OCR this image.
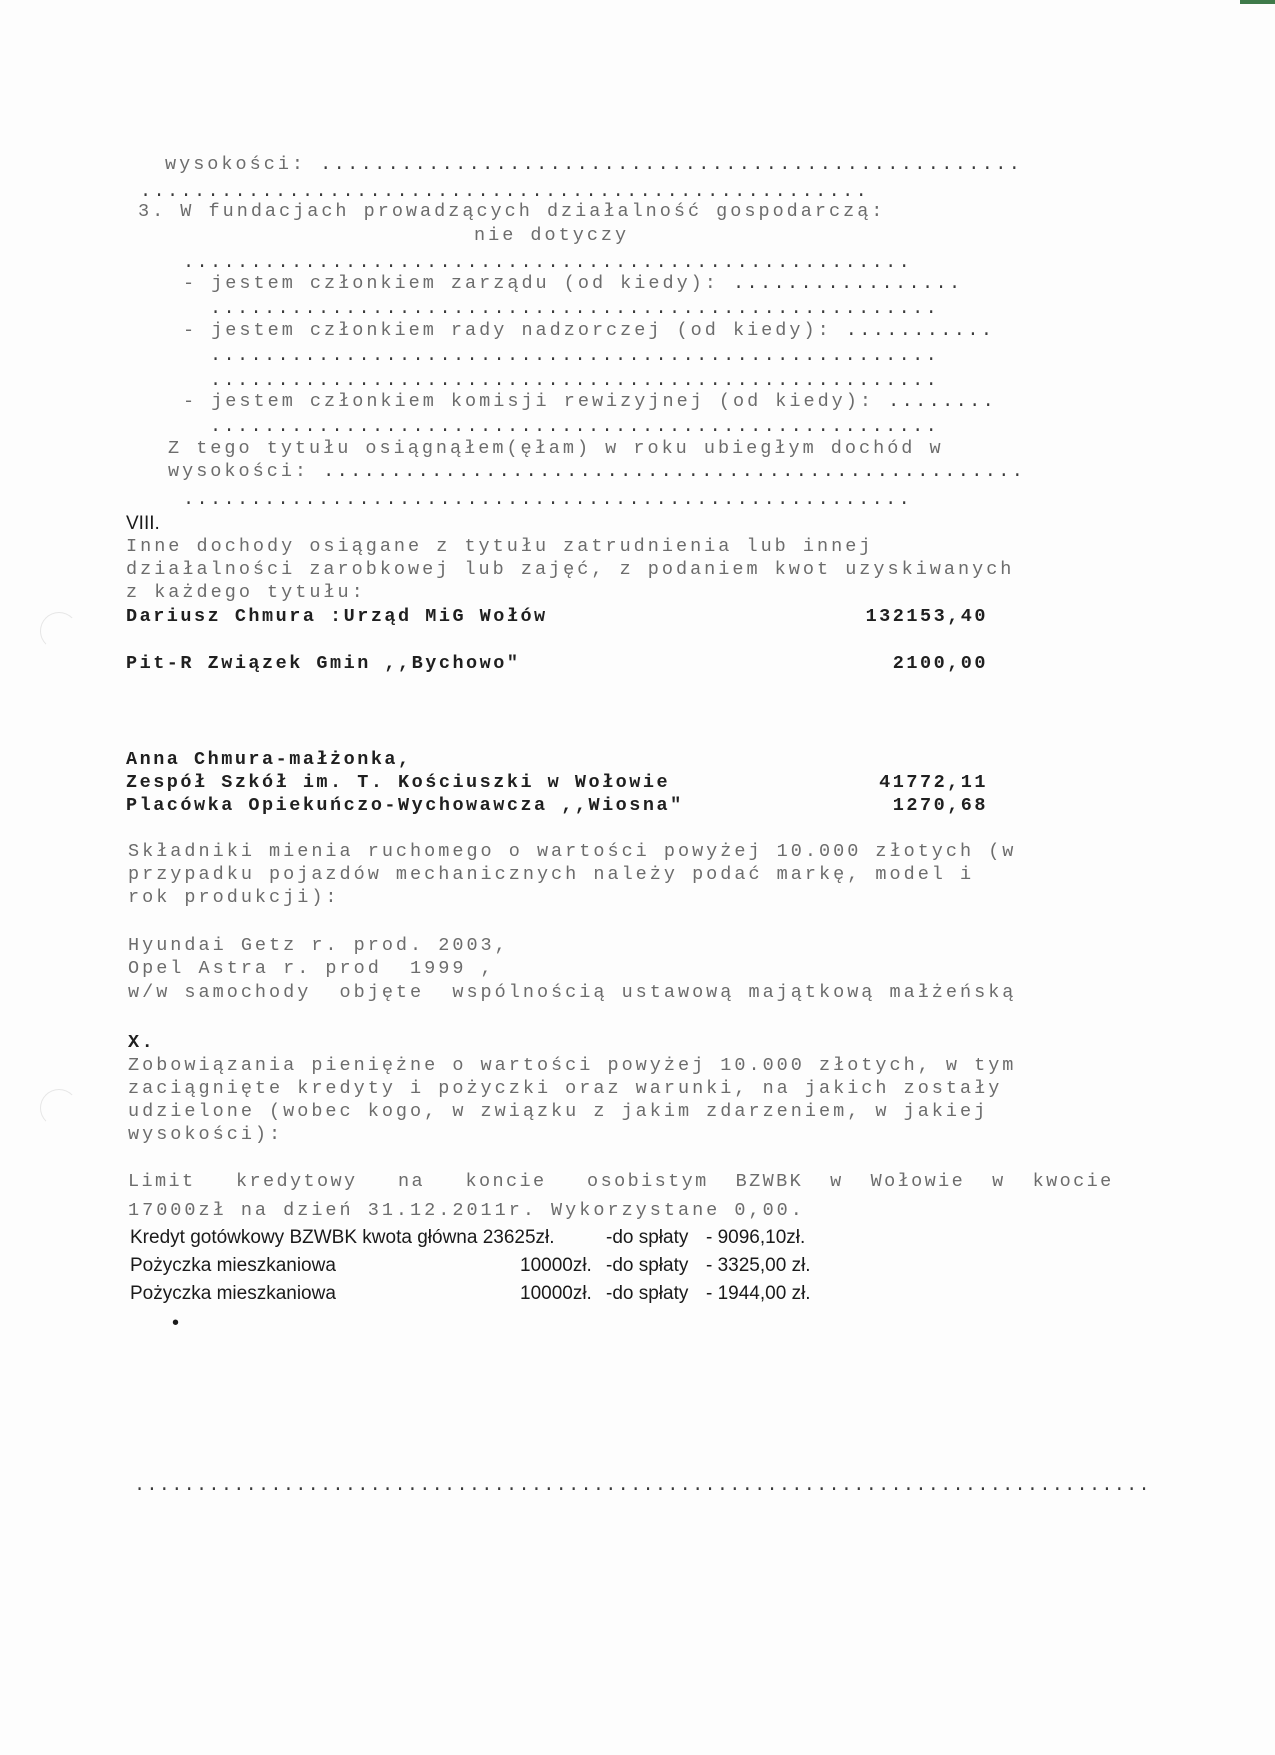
wysokości: ....................................................
......................................................
3. W fundacjach prowadzących działalność gospodarczą:
nie dotyczy
......................................................
- jestem członkiem zarządu (od kiedy): .................
......................................................
- jestem członkiem rady nadzorczej (od kiedy): ...........
......................................................
......................................................
- jestem członkiem komisji rewizyjnej (od kiedy): ........
......................................................
Z tego tytułu osiągnąłem(ęłam) w roku ubiegłym dochód w
wysokości: ....................................................
......................................................
VIII.
Inne dochody osiągane z tytułu zatrudnienia lub innej
działalności zarobkowej lub zajęć, z podaniem kwot uzyskiwanych
z każdego tytułu:
Dariusz Chmura :Urząd MiG Wołów	132153,40
Pit-R Związek Gmin ,,Bychowo"	2100,00
Anna Chmura-małżonka,
Zespół Szkół im. T. Kościuszki w Wołowie	41772,11
Placówka Opiekuńczo-Wychowawcza ,,Wiosna"	1270,68
Składniki mienia ruchomego o wartości powyżej 10.000 złotych (w
przypadku pojazdów mechanicznych należy podać markę, model i
rok produkcji):
Hyundai Getz r. prod. 2003,
Opel Astra r. prod  1999 ,
w/w samochody  objęte  wspólnością ustawową majątkową małżeńską
X.
Zobowiązania pieniężne o wartości powyżej 10.000 złotych, w tym
zaciągnięte kredyty i pożyczki oraz warunki, na jakich zostały
udzielone (wobec kogo, w związku z jakim zdarzeniem, w jakiej
wysokości):
Limit   kredytowy   na   koncie   osobistym  BZWBK  w  Wołowie  w  kwocie
17000zł na dzień 31.12.2011r. Wykorzystane 0,00.
Kredyt gotówkowy BZWBK kwota główna 23625zł.	-do spłaty - 9096,10zł.
Pożyczka mieszkaniowa	10000zł. -do spłaty - 3325,00 zł.
Pożyczka mieszkaniowa	10000zł. -do spłaty - 1944,00 zł.
•
..................................................................................
